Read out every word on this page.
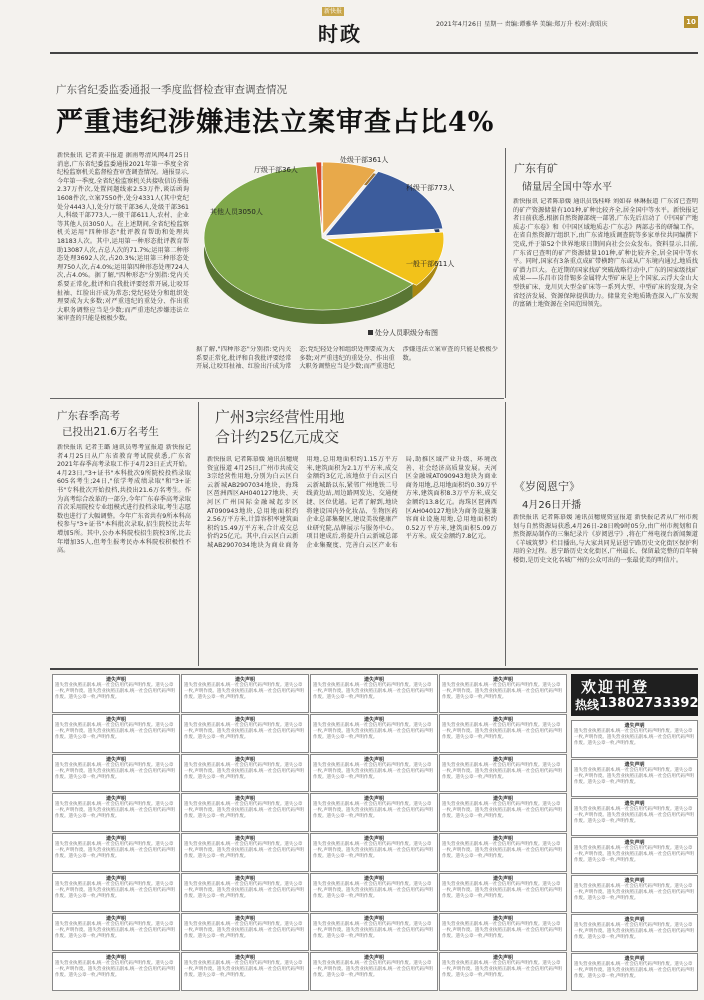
新快报
时政	2021年4月26日 星期一 责编:谭雅华 美编:郑万升 校对:黄昭庆	10
广东省纪委监委通报一季度监督检查审查调查情况
严重违纪涉嫌违法立案审查占比4%
新快报讯 记者黄丰报道 据南粤清风网4月25日消息,广东省纪委监委通报2021年第一季度全省纪检监察机关监督检查审查调查情况。通报显示,今年第一季度,全省纪检监察机关共接收信访举报2.37万件次,处置问题线索2.53万件,谈话函询1608件次,立案7550件,处分4331人(其中党纪处分4443人),处分厅级干部36人,处级干部361人,科级干部773人,一般干部611人,农村、企业等其他人员3050人。在上述期间,全省纪检监察机关运用"四种形态"批评教育帮助和处理共18183人次。其中,运用第一种形态批评教育帮助13087人次,占总人次的71.7%;运用第二种形态处理3692人次,占20.3%;运用第三种形态处理750人次,占4.0%;运用第四种形态处理724人次,占4.0%。据了解,"四种形态"分别指:党内关系要正常化,批评和自我批评要经常开展,让咬耳扯袖、红脸出汗成为常态;党纪轻处分和组织处理要成为大多数;对严重违纪的重处分、作出重大职务调整应当是少数;而严重违纪涉嫌违法立案审查的只能是极极少数。
据了解,"四种形态"分别指:党内关系要正常化,批评和自我批评要经常开展,让咬耳扯袖、红脸出汗成为常态;党纪轻处分和组织处理要成为大多数;对严重违纪的重处分、作出重大职务调整应当是少数;而严重违纪涉嫌违法立案审查的只能是极极少数。
厅级干部36人
处级干部361人
科级干部773人
一般干部611人
其他人员3050人
处分人员职级分布图
广东有矿
储量居全国中等水平
新快报讯 记者陈慕媛 通讯员钱桂峰 刘如春 林琳报道 广东省已查明的矿产资源储量有101种,矿种比较齐全,居全国中等水平。新快报记者日前获悉,根据自然资源部统一部署,广东先后启动了《中国矿产地质志·广东卷》和《中国区域地质志·广东志》两部志书的研编工作。在省自然资源厅组织下,由广东省地质调查院等多家单位共同编撰下完成,并于第52个世界地球日期间向社会公众发布。资料显示,目前,广东省已查明的矿产资源储量101种,矿种比较齐全,居全国中等水平。同时,国家有3条重点成矿带横跨广东或从广东境内通过,地质找矿潜力巨大。在近期的国家找矿突破战略行动中,广东的国家级找矿成果——乐昌市岗背锡多金属特大型矿床是上个国家,云浮大金山大型铁矿床、龙川贝大型金矿床等一系列大型、中型矿床的发现,为全省经济发展、资源保障提供助力。储量充全地质勘查深入,广东发现的富硒土地资源在全国范围领先。
广东春季高考
已投出21.6万名考生
新快报讯 记者王璐 通讯员粤考宣报道 新快报记者4月25日从广东省教育考试院获悉,广东省2021年春季高考录取工作于4月23日正式开始。4月23日,"3+证书"本科批次9所院校投档录取605名考生;24日,"依学考成绩录取"和"3+证书"专科批次开始投档,共投出21.6万名考生。作为高考综合改革的一部分,今年广东春季高考录取首次采用院校专业组模式进行投档录取,考生志愿数也进行了大幅调整。今年广东省共有9所本科高校参与"3+证书"本科批次录取,招生院校比去年增加5所。其中,公办本科院校招生院校3所,比去年增加35人,但考生报考民办本科院校积极性不高。
广州3宗经营性用地
合计约25亿元成交
新快报讯 记者陈慕媛 通讯员穗规资宣报道 4月25日,广州市共成交3宗经营性用地,分别为白云区白云新城AB2907034地块、海珠区琶洲西区AH040127地块、天河区广州国际金融城起步区AT090943地块,总用地面积约2.56万平方米,计算容积率建筑面积约15.49万平方米,合计成交总价约25亿元。其中,白云区白云新城AB2907034地块为商业商务用地,总用地面积约1.15万平方米,建筑面积为2.1万平方米,成交金额约3亿元,该地位于白云区白云新城路以东,紧邻广州地铁二号线黄边站,周边路网发达、交通便捷、区位优越。记者了解到,地块将建设国内外化妆品、生物医药企业总部集聚区,建设美妆健康产业研究院,品牌展示与服务中心。项目建成后,将提升白云新城总部企业集聚度、完善白云区产业布局,助推区域产业升级、环境改善、社会经济高质量发展。天河区金融城AT090943地块为商业商务用地,总用地面积约0.39万平方米,建筑面积8.3万平方米,成交金额约13.8亿元。海珠区琶洲西区AH040127地块为商务设施兼容商业设施用地,总用地面积约0.52万平方米,建筑面积5.09万平方米。成交金额约7.8亿元。
《岁阅恩宁》
4月26日开播
新快报讯 记者陈慕媛 通讯员穗规资宣报道 新快报记者从广州市规划与自然资源局获悉,4月26日-28日晚9时05分,由广州市规划和自然资源局制作的三集纪录片《岁阅恩宁》,将在广州电视台新闻频道《羊城筑梦》栏目播出,与大家共同见证恩宁路历史文化街区保护利用的全过程。恩宁路历史文化街区,广州最长、保留最完整的百年骑楼街,是历史文化名城广州的公众可出的一张最优美的明信片。
遗失声明
遗失营业执照正副本,统一社会信用代码声明作废。遗失公章一枚,声明作废。遗失营业执照正副本,统一社会信用代码声明作废。遗失公章一枚,声明作废。
遗失声明
遗失营业执照正副本,统一社会信用代码声明作废。遗失公章一枚,声明作废。遗失营业执照正副本,统一社会信用代码声明作废。遗失公章一枚,声明作废。
遗失声明
遗失营业执照正副本,统一社会信用代码声明作废。遗失公章一枚,声明作废。遗失营业执照正副本,统一社会信用代码声明作废。遗失公章一枚,声明作废。
遗失声明
遗失营业执照正副本,统一社会信用代码声明作废。遗失公章一枚,声明作废。遗失营业执照正副本,统一社会信用代码声明作废。遗失公章一枚,声明作废。
遗失声明
遗失营业执照正副本,统一社会信用代码声明作废。遗失公章一枚,声明作废。遗失营业执照正副本,统一社会信用代码声明作废。遗失公章一枚,声明作废。
遗失声明
遗失营业执照正副本,统一社会信用代码声明作废。遗失公章一枚,声明作废。遗失营业执照正副本,统一社会信用代码声明作废。遗失公章一枚,声明作废。
遗失声明
遗失营业执照正副本,统一社会信用代码声明作废。遗失公章一枚,声明作废。遗失营业执照正副本,统一社会信用代码声明作废。遗失公章一枚,声明作废。
遗失声明
遗失营业执照正副本,统一社会信用代码声明作废。遗失公章一枚,声明作废。遗失营业执照正副本,统一社会信用代码声明作废。遗失公章一枚,声明作废。
遗失声明
遗失营业执照正副本,统一社会信用代码声明作废。遗失公章一枚,声明作废。遗失营业执照正副本,统一社会信用代码声明作废。遗失公章一枚,声明作废。
遗失声明
遗失营业执照正副本,统一社会信用代码声明作废。遗失公章一枚,声明作废。遗失营业执照正副本,统一社会信用代码声明作废。遗失公章一枚,声明作废。
遗失声明
遗失营业执照正副本,统一社会信用代码声明作废。遗失公章一枚,声明作废。遗失营业执照正副本,统一社会信用代码声明作废。遗失公章一枚,声明作废。
遗失声明
遗失营业执照正副本,统一社会信用代码声明作废。遗失公章一枚,声明作废。遗失营业执照正副本,统一社会信用代码声明作废。遗失公章一枚,声明作废。
遗失声明
遗失营业执照正副本,统一社会信用代码声明作废。遗失公章一枚,声明作废。遗失营业执照正副本,统一社会信用代码声明作废。遗失公章一枚,声明作废。
遗失声明
遗失营业执照正副本,统一社会信用代码声明作废。遗失公章一枚,声明作废。遗失营业执照正副本,统一社会信用代码声明作废。遗失公章一枚,声明作废。
遗失声明
遗失营业执照正副本,统一社会信用代码声明作废。遗失公章一枚,声明作废。遗失营业执照正副本,统一社会信用代码声明作废。遗失公章一枚,声明作废。
遗失声明
遗失营业执照正副本,统一社会信用代码声明作废。遗失公章一枚,声明作废。遗失营业执照正副本,统一社会信用代码声明作废。遗失公章一枚,声明作废。
遗失声明
遗失营业执照正副本,统一社会信用代码声明作废。遗失公章一枚,声明作废。遗失营业执照正副本,统一社会信用代码声明作废。遗失公章一枚,声明作废。
遗失声明
遗失营业执照正副本,统一社会信用代码声明作废。遗失公章一枚,声明作废。遗失营业执照正副本,统一社会信用代码声明作废。遗失公章一枚,声明作废。
遗失声明
遗失营业执照正副本,统一社会信用代码声明作废。遗失公章一枚,声明作废。遗失营业执照正副本,统一社会信用代码声明作废。遗失公章一枚,声明作废。
遗失声明
遗失营业执照正副本,统一社会信用代码声明作废。遗失公章一枚,声明作废。遗失营业执照正副本,统一社会信用代码声明作废。遗失公章一枚,声明作废。
遗失声明
遗失营业执照正副本,统一社会信用代码声明作废。遗失公章一枚,声明作废。遗失营业执照正副本,统一社会信用代码声明作废。遗失公章一枚,声明作废。
遗失声明
遗失营业执照正副本,统一社会信用代码声明作废。遗失公章一枚,声明作废。遗失营业执照正副本,统一社会信用代码声明作废。遗失公章一枚,声明作废。
遗失声明
遗失营业执照正副本,统一社会信用代码声明作废。遗失公章一枚,声明作废。遗失营业执照正副本,统一社会信用代码声明作废。遗失公章一枚,声明作废。
遗失声明
遗失营业执照正副本,统一社会信用代码声明作废。遗失公章一枚,声明作废。遗失营业执照正副本,统一社会信用代码声明作废。遗失公章一枚,声明作废。
遗失声明
遗失营业执照正副本,统一社会信用代码声明作废。遗失公章一枚,声明作废。遗失营业执照正副本,统一社会信用代码声明作废。遗失公章一枚,声明作废。
遗失声明
遗失营业执照正副本,统一社会信用代码声明作废。遗失公章一枚,声明作废。遗失营业执照正副本,统一社会信用代码声明作废。遗失公章一枚,声明作废。
遗失声明
遗失营业执照正副本,统一社会信用代码声明作废。遗失公章一枚,声明作废。遗失营业执照正副本,统一社会信用代码声明作废。遗失公章一枚,声明作废。
遗失声明
遗失营业执照正副本,统一社会信用代码声明作废。遗失公章一枚,声明作废。遗失营业执照正副本,统一社会信用代码声明作废。遗失公章一枚,声明作废。
遗失声明
遗失营业执照正副本,统一社会信用代码声明作废。遗失公章一枚,声明作废。遗失营业执照正副本,统一社会信用代码声明作废。遗失公章一枚,声明作废。
遗失声明
遗失营业执照正副本,统一社会信用代码声明作废。遗失公章一枚,声明作废。遗失营业执照正副本,统一社会信用代码声明作废。遗失公章一枚,声明作废。
遗失声明
遗失营业执照正副本,统一社会信用代码声明作废。遗失公章一枚,声明作废。遗失营业执照正副本,统一社会信用代码声明作废。遗失公章一枚,声明作废。
遗失声明
遗失营业执照正副本,统一社会信用代码声明作废。遗失公章一枚,声明作废。遗失营业执照正副本,统一社会信用代码声明作废。遗失公章一枚,声明作废。
欢迎刊登
热线 13802733392
遗失声明
遗失营业执照正副本,统一社会信用代码声明作废。遗失公章一枚,声明作废。遗失营业执照正副本,统一社会信用代码声明作废。遗失公章一枚,声明作废。
遗失声明
遗失营业执照正副本,统一社会信用代码声明作废。遗失公章一枚,声明作废。遗失营业执照正副本,统一社会信用代码声明作废。遗失公章一枚,声明作废。
遗失声明
遗失营业执照正副本,统一社会信用代码声明作废。遗失公章一枚,声明作废。遗失营业执照正副本,统一社会信用代码声明作废。遗失公章一枚,声明作废。
遗失声明
遗失营业执照正副本,统一社会信用代码声明作废。遗失公章一枚,声明作废。遗失营业执照正副本,统一社会信用代码声明作废。遗失公章一枚,声明作废。
遗失声明
遗失营业执照正副本,统一社会信用代码声明作废。遗失公章一枚,声明作废。遗失营业执照正副本,统一社会信用代码声明作废。遗失公章一枚,声明作废。
遗失声明
遗失营业执照正副本,统一社会信用代码声明作废。遗失公章一枚,声明作废。遗失营业执照正副本,统一社会信用代码声明作废。遗失公章一枚,声明作废。
遗失声明
遗失营业执照正副本,统一社会信用代码声明作废。遗失公章一枚,声明作废。遗失营业执照正副本,统一社会信用代码声明作废。遗失公章一枚,声明作废。
